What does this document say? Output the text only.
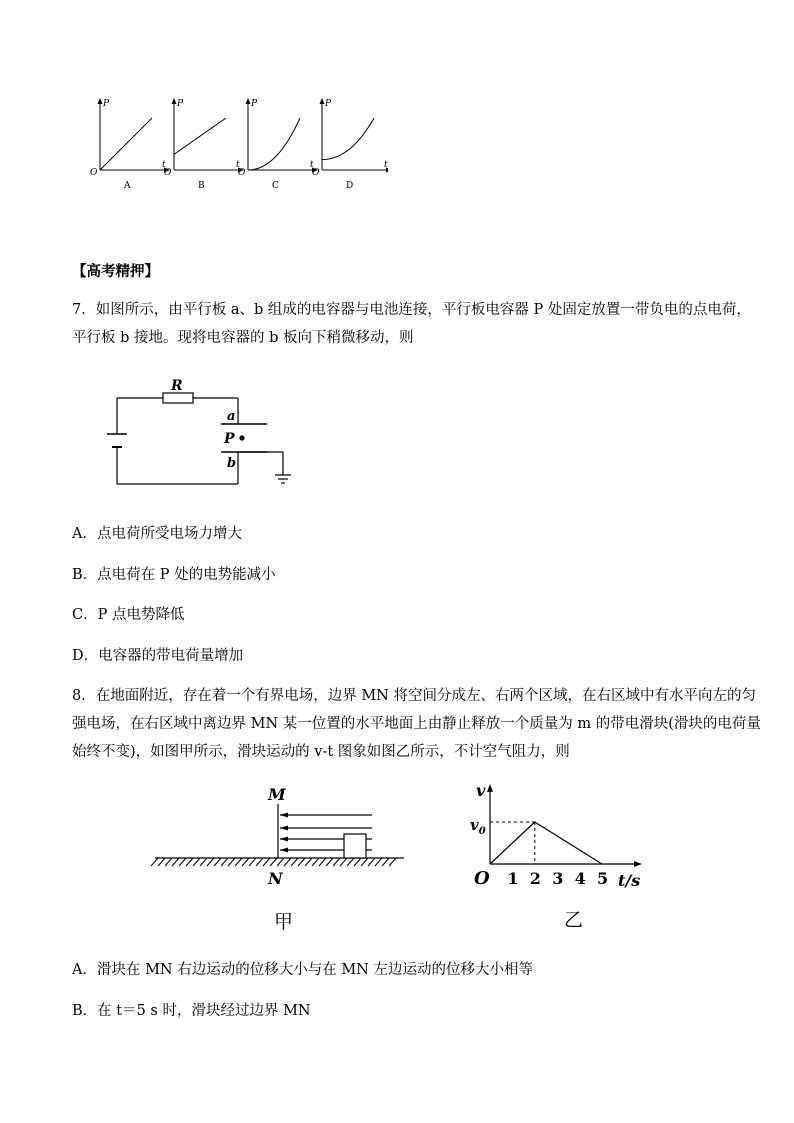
P
t
O
A
P
t
O
B
P
t
O
C
P
t
O
D
【高考精押】
7．如图所示，由平行板 a、b 组成的电容器与电池连接，平行板电容器 P 处固定放置一带负电的点电荷，
平行板 b 接地。现将电容器的 b 板向下稍微移动，则
R
a
P
b
A．点电荷所受电场力增大
B．点电荷在 P 处的电势能减小
C．P 点电势降低
D．电容器的带电荷量增加
8．在地面附近，存在着一个有界电场，边界 MN 将空间分成左、右两个区域，在右区域中有水平向左的匀
强电场，在右区域中离边界 MN 某一位置的水平地面上由静止释放一个质量为 m 的带电滑块(滑块的电荷量
始终不变)，如图甲所示，滑块运动的 v-t 图象如图乙所示，不计空气阻力，则
M
N
甲
1 2 3 4 5
v
$v_0$
O	t/s
乙
A．滑块在 MN 右边运动的位移大小与在 MN 左边运动的位移大小相等
B．在 t＝5 s 时，滑块经过边界 MN
